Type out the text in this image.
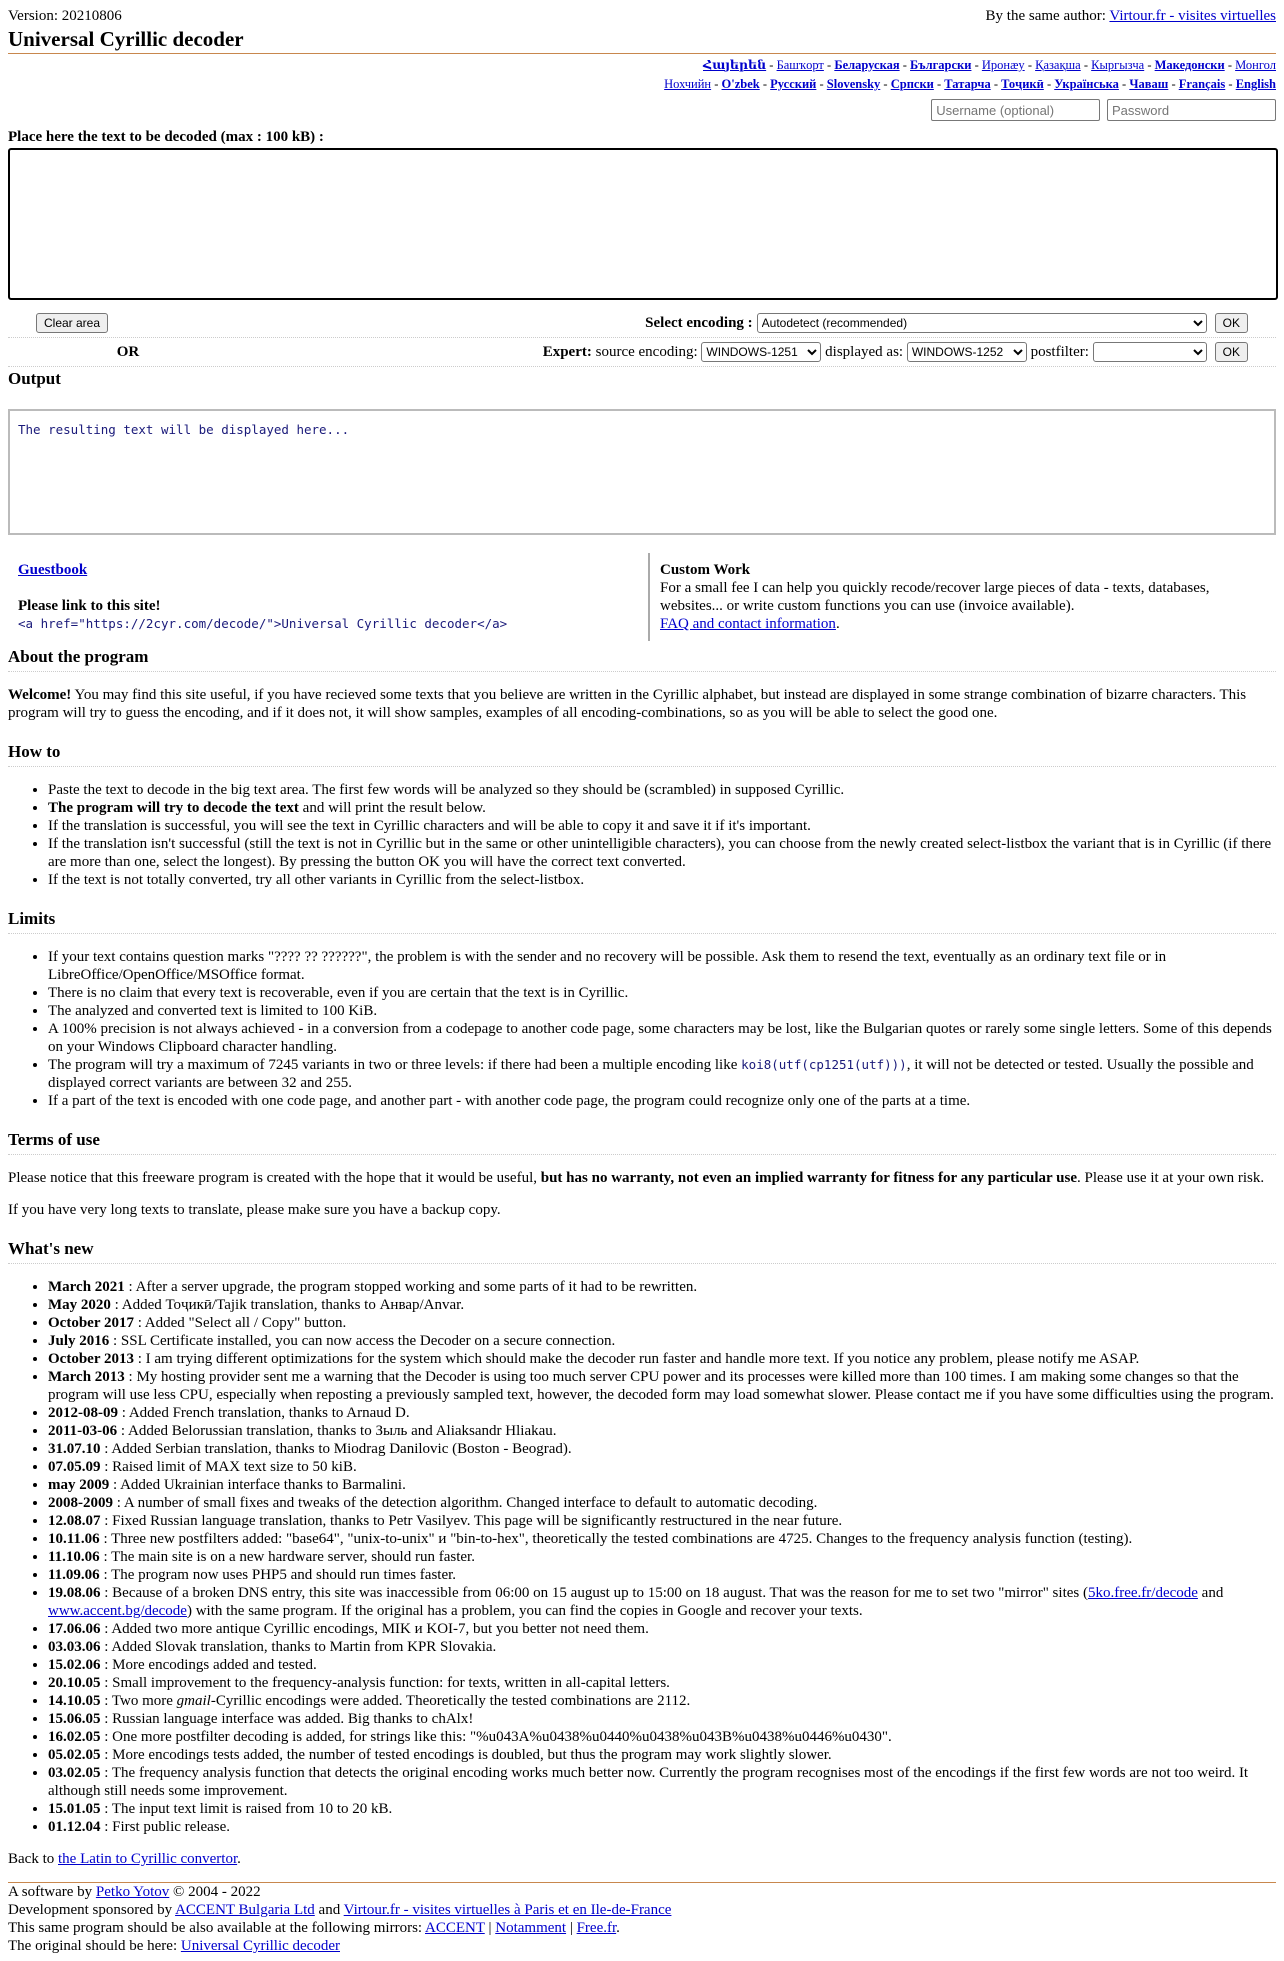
Version: 20210806	By the same author: Virtour.fr - visites virtuelles
Universal Cyrillic decoder
Հայերեն - Башҡорт - Беларуская - Български - Иронæу - Қазақша - Кыргызча - Македонски - Монгол
Нохчийн - O'zbek - Русский - Slovensky - Српски - Татарча - Тоҷикӣ - Українська - Чаваш - Français - English
Username (optional)
Place here the text to be decoded (max : 100 kB) :
Clear area	Select encoding :
Autodetect (recommended)	OK
OR	Expert: source encoding:
WINDOWS-1251	displayed as:
WINDOWS-1252	postfilter:	OK
Output
The resulting text will be displayed here...
Guestbook
Please link to this site!
<a href="https://2cyr.com/decode/">Universal Cyrillic decoder</a>
Custom Work
For a small fee I can help you quickly recode/recover large pieces of data - texts, databases, websites... or write custom functions you can use (invoice available).
FAQ and contact information.
About the program

Welcome! You may find this site useful, if you have recieved some texts that you believe are written in the Cyrillic alphabet, but instead are displayed in some strange combination of bizarre characters. This program will try to guess the encoding, and if it does not, it will show samples, examples of all encoding-combinations, so as you will be able to select the good one.

How to
• Paste the text to decode in the big text area. The first few words will be analyzed so they should be (scrambled) in supposed Cyrillic.
• The program will try to decode the text and will print the result below.
• If the translation is successful, you will see the text in Cyrillic characters and will be able to copy it and save it if it's important.
• If the translation isn't successful (still the text is not in Cyrillic but in the same or other unintelligible characters), you can choose from the newly created select-listbox the variant that is in Cyrillic (if there are more than one, select the longest). By pressing the button OK you will have the correct text converted.
• If the text is not totally converted, try all other variants in Cyrillic from the select-listbox.
Limits
• If your text contains question marks "???? ?? ??????", the problem is with the sender and no recovery will be possible. Ask them to resend the text, eventually as an ordinary text file or in LibreOffice/OpenOffice/MSOffice format.
• There is no claim that every text is recoverable, even if you are certain that the text is in Cyrillic.
• The analyzed and converted text is limited to 100 KiB.
• A 100% precision is not always achieved - in a conversion from a codepage to another code page, some characters may be lost, like the Bulgarian quotes or rarely some single letters. Some of this depends on your Windows Clipboard character handling.
• The program will try a maximum of 7245 variants in two or three levels: if there had been a multiple encoding like koi8(utf(cp1251(utf))), it will not be detected or tested. Usually the possible and displayed correct variants are between 32 and 255.
• If a part of the text is encoded with one code page, and another part - with another code page, the program could recognize only one of the parts at a time.
Terms of use

Please notice that this freeware program is created with the hope that it would be useful, but has no warranty, not even an implied warranty for fitness for any particular use. Please use it at your own risk.

If you have very long texts to translate, please make sure you have a backup copy.

What's new
• March 2021 : After a server upgrade, the program stopped working and some parts of it had to be rewritten.
• May 2020 : Added Тоҷикӣ/Tajik translation, thanks to Анвар/Anvar.
• October 2017 : Added "Select all / Copy" button.
• July 2016 : SSL Certificate installed, you can now access the Decoder on a secure connection.
• October 2013 : I am trying different optimizations for the system which should make the decoder run faster and handle more text. If you notice any problem, please notify me ASAP.
• March 2013 : My hosting provider sent me a warning that the Decoder is using too much server CPU power and its processes were killed more than 100 times. I am making some changes so that the program will use less CPU, especially when reposting a previously sampled text, however, the decoded form may load somewhat slower. Please contact me if you have some difficulties using the program.
• 2012-08-09 : Added French translation, thanks to Arnaud D.
• 2011-03-06 : Added Belorussian translation, thanks to Зыль and Aliaksandr Hliakau.
• 31.07.10 : Added Serbian translation, thanks to Miodrag Danilovic (Boston - Beograd).
• 07.05.09 : Raised limit of MAX text size to 50 kiB.
• may 2009 : Added Ukrainian interface thanks to Barmalini.
• 2008-2009 : A number of small fixes and tweaks of the detection algorithm. Changed interface to default to automatic decoding.
• 12.08.07 : Fixed Russian language translation, thanks to Petr Vasilyev. This page will be significantly restructured in the near future.
• 10.11.06 : Three new postfilters added: "base64", "unix-to-unix" и "bin-to-hex", theoretically the tested combinations are 4725. Changes to the frequency analysis function (testing).
• 11.10.06 : The main site is on a new hardware server, should run faster.
• 11.09.06 : The program now uses PHP5 and should run times faster.
• 19.08.06 : Because of a broken DNS entry, this site was inaccessible from 06:00 on 15 august up to 15:00 on 18 august. That was the reason for me to set two "mirror" sites (5ko.free.fr/decode and www.accent.bg/decode) with the same program. If the original has a problem, you can find the copies in Google and recover your texts.
• 17.06.06 : Added two more antique Cyrillic encodings, MIK и KOI-7, but you better not need them.
• 03.03.06 : Added Slovak translation, thanks to Martin from KPR Slovakia.
• 15.02.06 : More encodings added and tested.
• 20.10.05 : Small improvement to the frequency-analysis function: for texts, written in all-capital letters.
• 14.10.05 : Two more gmail-Cyrillic encodings were added. Theoretically the tested combinations are 2112.
• 15.06.05 : Russian language interface was added. Big thanks to chAlx!
• 16.02.05 : One more postfilter decoding is added, for strings like this: "%u043A%u0438%u0440%u0438%u043B%u0438%u0446%u0430".
• 05.02.05 : More encodings tests added, the number of tested encodings is doubled, but thus the program may work slightly slower.
• 03.02.05 : The frequency analysis function that detects the original encoding works much better now. Currently the program recognises most of the encodings if the first few words are not too weird. It although still needs some improvement.
• 15.01.05 : The input text limit is raised from 10 to 20 kB.
• 01.12.04 : First public release.

Back to the Latin to Cyrillic convertor.

A software by Petko Yotov © 2004 - 2022
Development sponsored by ACCENT Bulgaria Ltd and Virtour.fr - visites virtuelles à Paris et en Ile-de-France
This same program should be also available at the following mirrors: ACCENT | Notamment | Free.fr.
The original should be here: Universal Cyrillic decoder
